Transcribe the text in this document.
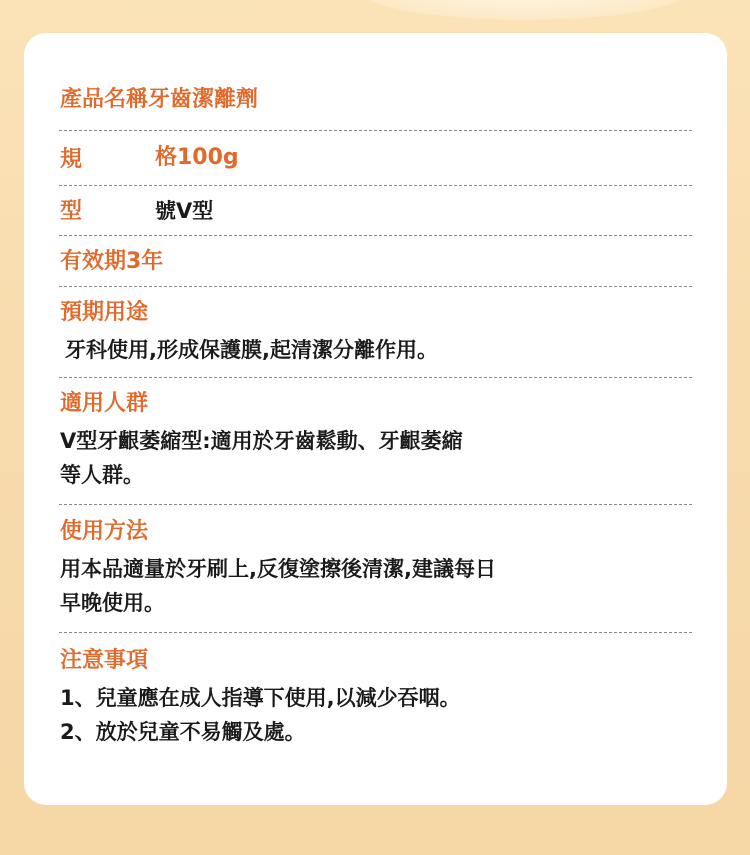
產品名稱牙齒潔離劑
規	格100g
型	號V型
有效期3年
預期用途
牙科使用,形成保護膜,起清潔分離作用。
適用人群
V型牙齦萎縮型:適用於牙齒鬆動、牙齦萎縮
等人群。
使用方法
用本品適量於牙刷上,反復塗擦後清潔,建議每日
早晚使用。
注意事項
1、兒童應在成人指導下使用,以減少吞咽。
2、放於兒童不易觸及處。
